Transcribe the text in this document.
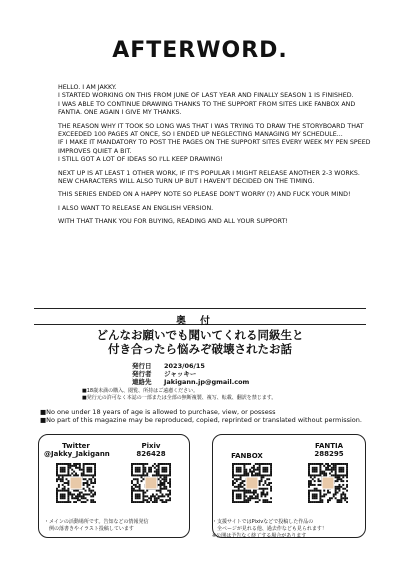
AFTERWORD.

HELLO. I AM JAKKY.
I STARTED WORKING ON THIS FROM JUNE OF LAST YEAR AND FINALLY SEASON 1 IS FINISHED.
I WAS ABLE TO CONTINUE DRAWING THANKS TO THE SUPPORT FROM SITES LIKE FANBOX AND FANTIA. ONE AGAIN I GIVE MY THANKS.

THE REASON WHY IT TOOK SO LONG WAS THAT I WAS TRYING TO DRAW THE STORYBOARD THAT EXCEEDED 100 PAGES AT ONCE, SO I ENDED UP NEGLECTING MANAGING MY SCHEDULE...
IF I MAKE IT MANDATORY TO POST THE PAGES ON THE SUPPORT SITES EVERY WEEK MY PEN SPEED IMPROVES QUIET A BIT.
I STILL GOT A LOT OF IDEAS SO I'LL KEEP DRAWING!

NEXT UP IS AT LEAST 1 OTHER WORK, IF IT'S POPULAR I MIGHT RELEASE ANOTHER 2-3 WORKS.
NEW CHARACTERS WILL ALSO TURN UP BUT I HAVEN'T DECIDED ON THE TIMING.

THIS SERIES ENDED ON A HAPPY NOTE SO PLEASE DON'T WORRY (?) AND FUCK YOUR MIND!

I ALSO WANT TO RELEASE AN ENGLISH VERSION.

WITH THAT THANK YOU FOR BUYING, READING AND ALL YOUR SUPPORT!

奥付
どんなお願いでも聞いてくれる同級生と
付き合ったら悩みぞ破壊されたお話
発行日	2023/06/15
発行者	ジャッキー
連絡先	Jakigann.jp@gmail.com
■18歳未満の購入、閲覧、所持はご遠慮ください。
■発行元の許可なく本誌の一部または全部の無断複製、複写、転載、翻訳を禁じます。
■No one under 18 years of age is allowed to purchase, view, or possess
■No part of this magazine may be reproduced, copied, reprinted or translated without permission.
Twitter
@Jakky_Jakigann
Pixiv
826428	FANBOX
FANTIA
288295
・メインの活動場所です。告知などの情報発信
　例の落書きやイラスト投稿しています
・支援サイトではPixivなどで投稿した作品の
　全ページが見れる他、過去作なども見られます！
※公開は予告なく終了する場合があります
